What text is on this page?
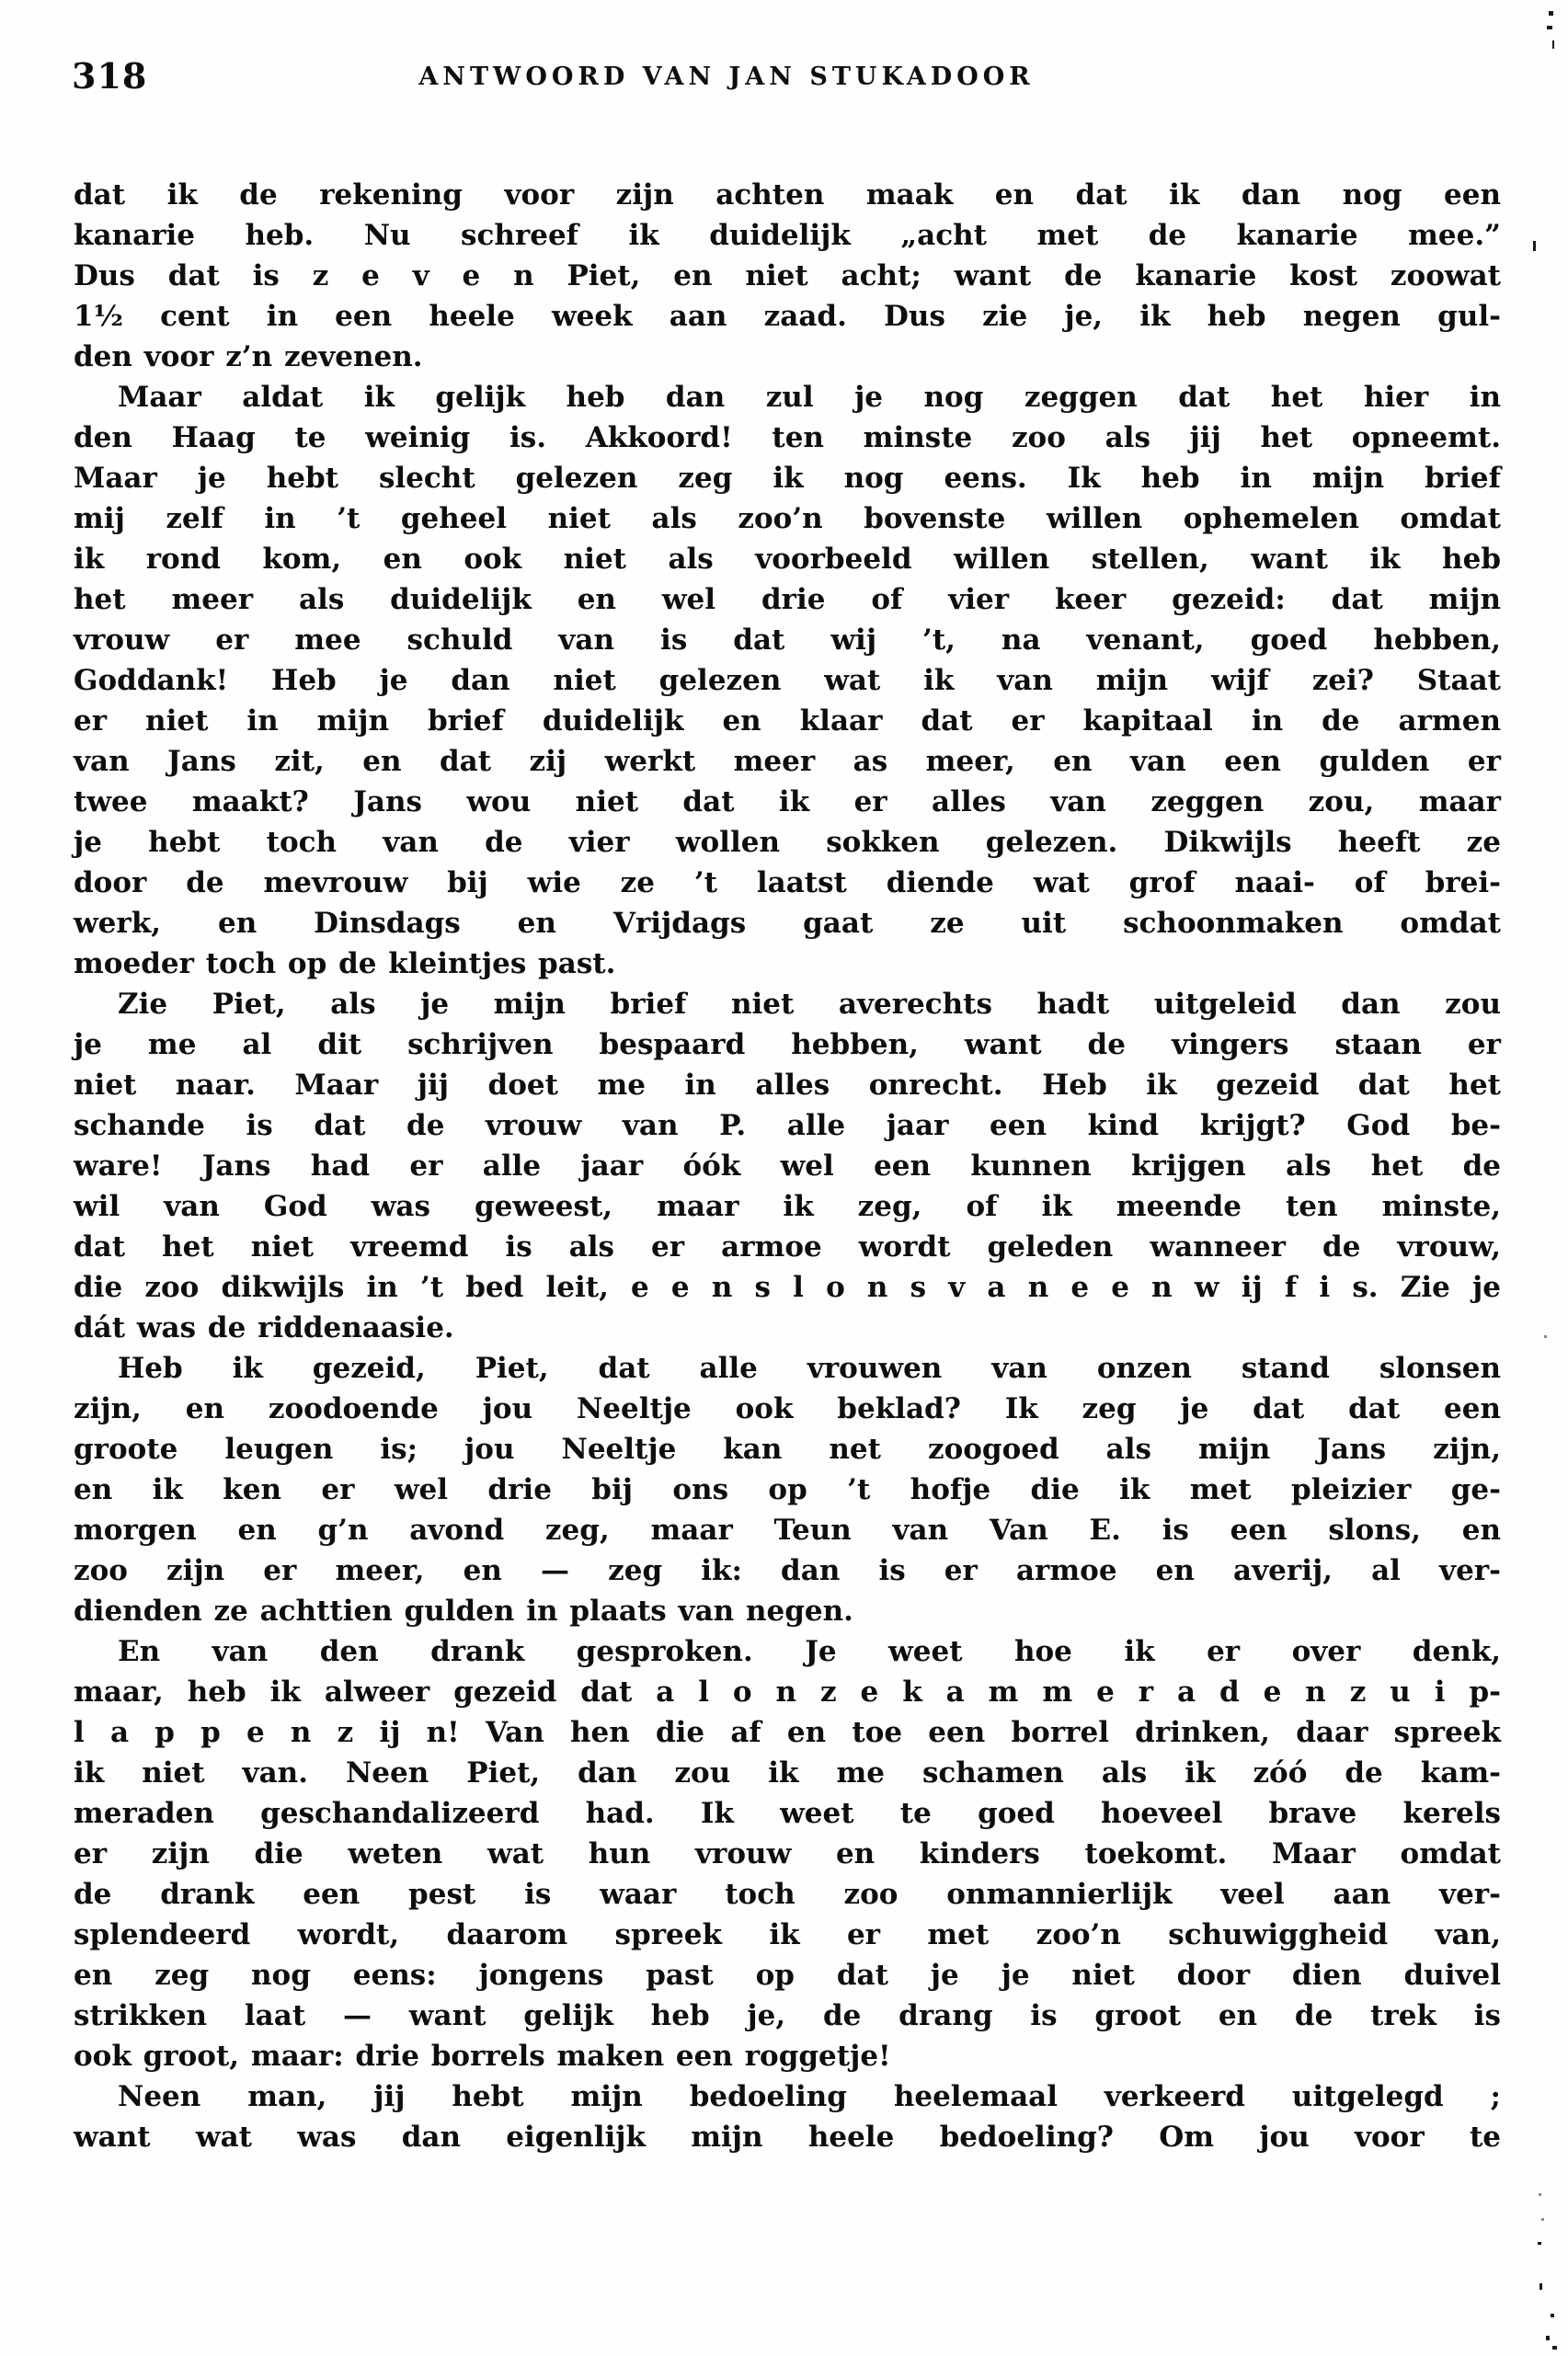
318	ANTWOORD VAN JAN STUKADOOR
dat ik de rekening voor zijn achten maak en dat ik dan nog een
kanarie heb. Nu schreef ik duidelijk „acht met de kanarie mee.”
Dus dat is z e v e n Piet, en niet acht; want de kanarie kost zoowat
1½ cent in een heele week aan zaad. Dus zie je, ik heb negen gul-
den voor z’n zevenen.
Maar aldat ik gelijk heb dan zul je nog zeggen dat het hier in
den Haag te weinig is. Akkoord! ten minste zoo als jij het opneemt.
Maar je hebt slecht gelezen zeg ik nog eens. Ik heb in mijn brief
mij zelf in ’t geheel niet als zoo’n bovenste willen ophemelen omdat
ik rond kom, en ook niet als voorbeeld willen stellen, want ik heb
het meer als duidelijk en wel drie of vier keer gezeid: dat mijn
vrouw er mee schuld van is dat wij ’t, na venant, goed hebben,
Goddank! Heb je dan niet gelezen wat ik van mijn wijf zei? Staat
er niet in mijn brief duidelijk en klaar dat er kapitaal in de armen
van Jans zit, en dat zij werkt meer as meer, en van een gulden er
twee maakt? Jans wou niet dat ik er alles van zeggen zou, maar
je hebt toch van de vier wollen sokken gelezen. Dikwijls heeft ze
door de mevrouw bij wie ze ’t laatst diende wat grof naai- of brei-
werk, en Dinsdags en Vrijdags gaat ze uit schoonmaken omdat
moeder toch op de kleintjes past.
Zie Piet, als je mijn brief niet averechts hadt uitgeleid dan zou
je me al dit schrijven bespaard hebben, want de vingers staan er
niet naar. Maar jij doet me in alles onrecht. Heb ik gezeid dat het
schande is dat de vrouw van P. alle jaar een kind krijgt? God be-
ware! Jans had er alle jaar óók wel een kunnen krijgen als het de
wil van God was geweest, maar ik zeg, of ik meende ten minste,
dat het niet vreemd is als er armoe wordt geleden wanneer de vrouw,
die zoo dikwijls in ’t bed leit, e e n s l o n s v a n e e n w ij f i s. Zie je
dát was de riddenaasie.
Heb ik gezeid, Piet, dat alle vrouwen van onzen stand slonsen
zijn, en zoodoende jou Neeltje ook beklad? Ik zeg je dat dat een
groote leugen is; jou Neeltje kan net zoogoed als mijn Jans zijn,
en ik ken er wel drie bij ons op ’t hofje die ik met pleizier ge-
morgen en g’n avond zeg, maar Teun van Van E. is een slons, en
zoo zijn er meer, en — zeg ik: dan is er armoe en averij, al ver-
dienden ze achttien gulden in plaats van negen.
En van den drank gesproken. Je weet hoe ik er over denk,
maar, heb ik alweer gezeid dat a l o n z e k a m m e r a d e n z u i p-
l a p p e n z ij n! Van hen die af en toe een borrel drinken, daar spreek
ik niet van. Neen Piet, dan zou ik me schamen als ik zóó de kam-
meraden geschandalizeerd had. Ik weet te goed hoeveel brave kerels
er zijn die weten wat hun vrouw en kinders toekomt. Maar omdat
de drank een pest is waar toch zoo onmannierlijk veel aan ver-
splendeerd wordt, daarom spreek ik er met zoo’n schuwiggheid van,
en zeg nog eens: jongens past op dat je je niet door dien duivel
strikken laat — want gelijk heb je, de drang is groot en de trek is
ook groot, maar: drie borrels maken een roggetje!
Neen man, jij hebt mijn bedoeling heelemaal verkeerd uitgelegd ;
want wat was dan eigenlijk mijn heele bedoeling? Om jou voor te
